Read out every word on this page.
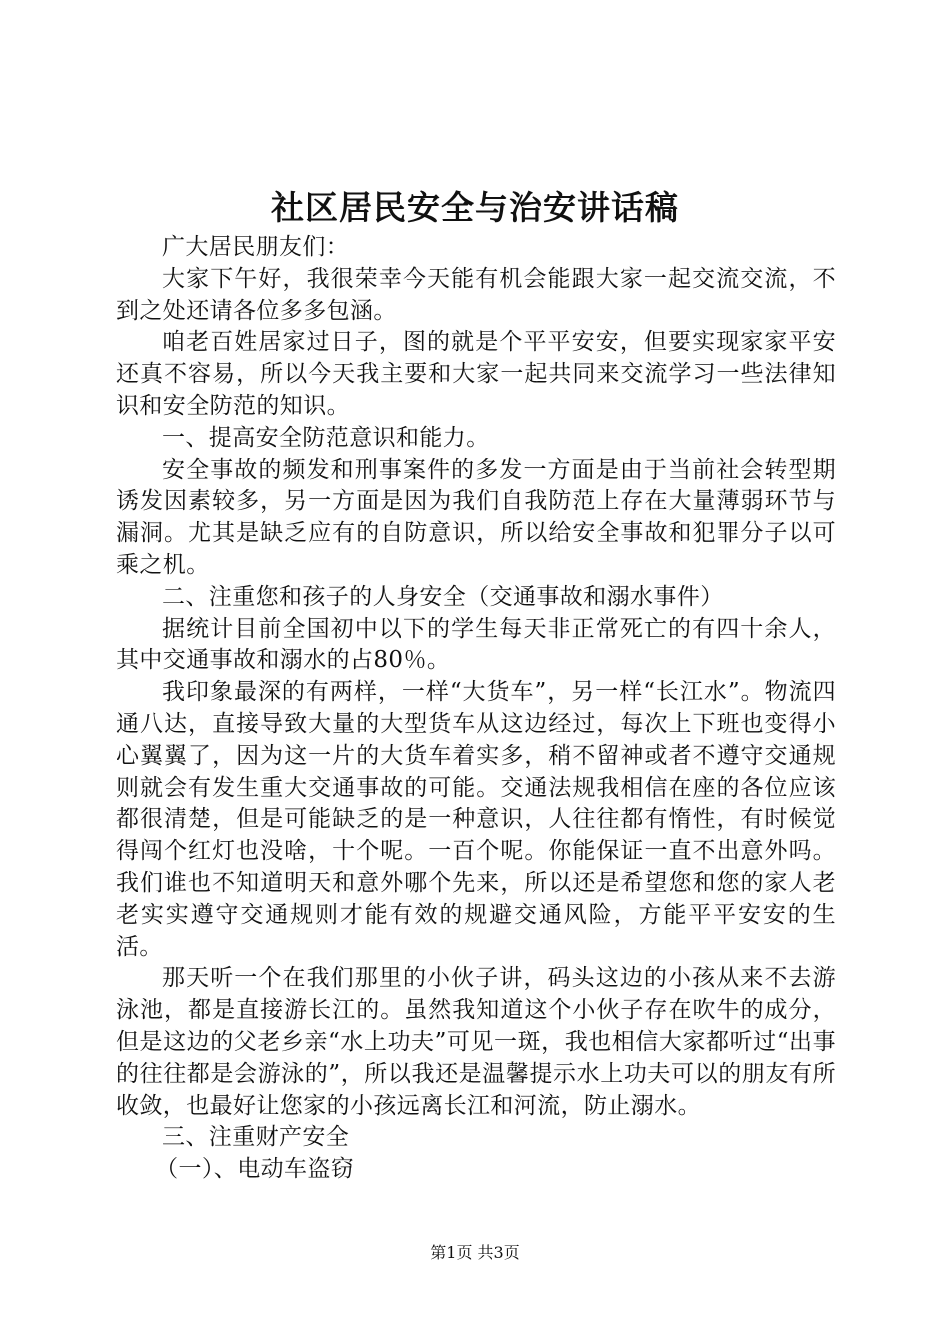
社区居民安全与治安讲话稿

广大居民朋友们：

大家下午好，我很荣幸今天能有机会能跟大家一起交流交流，不到之处还请各位多多包涵。

咱老百姓居家过日子，图的就是个平平安安，但要实现家家平安还真不容易，所以今天我主要和大家一起共同来交流学习一些法律知识和安全防范的知识。

一、提高安全防范意识和能力。

安全事故的频发和刑事案件的多发一方面是由于当前社会转型期诱发因素较多，另一方面是因为我们自我防范上存在大量薄弱环节与漏洞。尤其是缺乏应有的自防意识，所以给安全事故和犯罪分子以可乘之机。

二、注重您和孩子的人身安全（交通事故和溺水事件）

据统计目前全国初中以下的学生每天非正常死亡的有四十余人，其中交通事故和溺水的占80％。

我印象最深的有两样，一样“大货车”，另一样“长江水”。物流四通八达，直接导致大量的大型货车从这边经过，每次上下班也变得小心翼翼了，因为这一片的大货车着实多，稍不留神或者不遵守交通规则就会有发生重大交通事故的可能。交通法规我相信在座的各位应该都很清楚，但是可能缺乏的是一种意识，人往往都有惰性，有时候觉得闯个红灯也没啥，十个呢。一百个呢。你能保证一直不出意外吗。我们谁也不知道明天和意外哪个先来，所以还是希望您和您的家人老老实实遵守交通规则才能有效的规避交通风险，方能平平安安的生活。

那天听一个在我们那里的小伙子讲，码头这边的小孩从来不去游泳池，都是直接游长江的。虽然我知道这个小伙子存在吹牛的成分，但是这边的父老乡亲“水上功夫”可见一斑，我也相信大家都听过“出事的往往都是会游泳的”，所以我还是温馨提示水上功夫可以的朋友有所收敛，也最好让您家的小孩远离长江和河流，防止溺水。

三、注重财产安全

（一）、电动车盗窃

第1页 共3页
